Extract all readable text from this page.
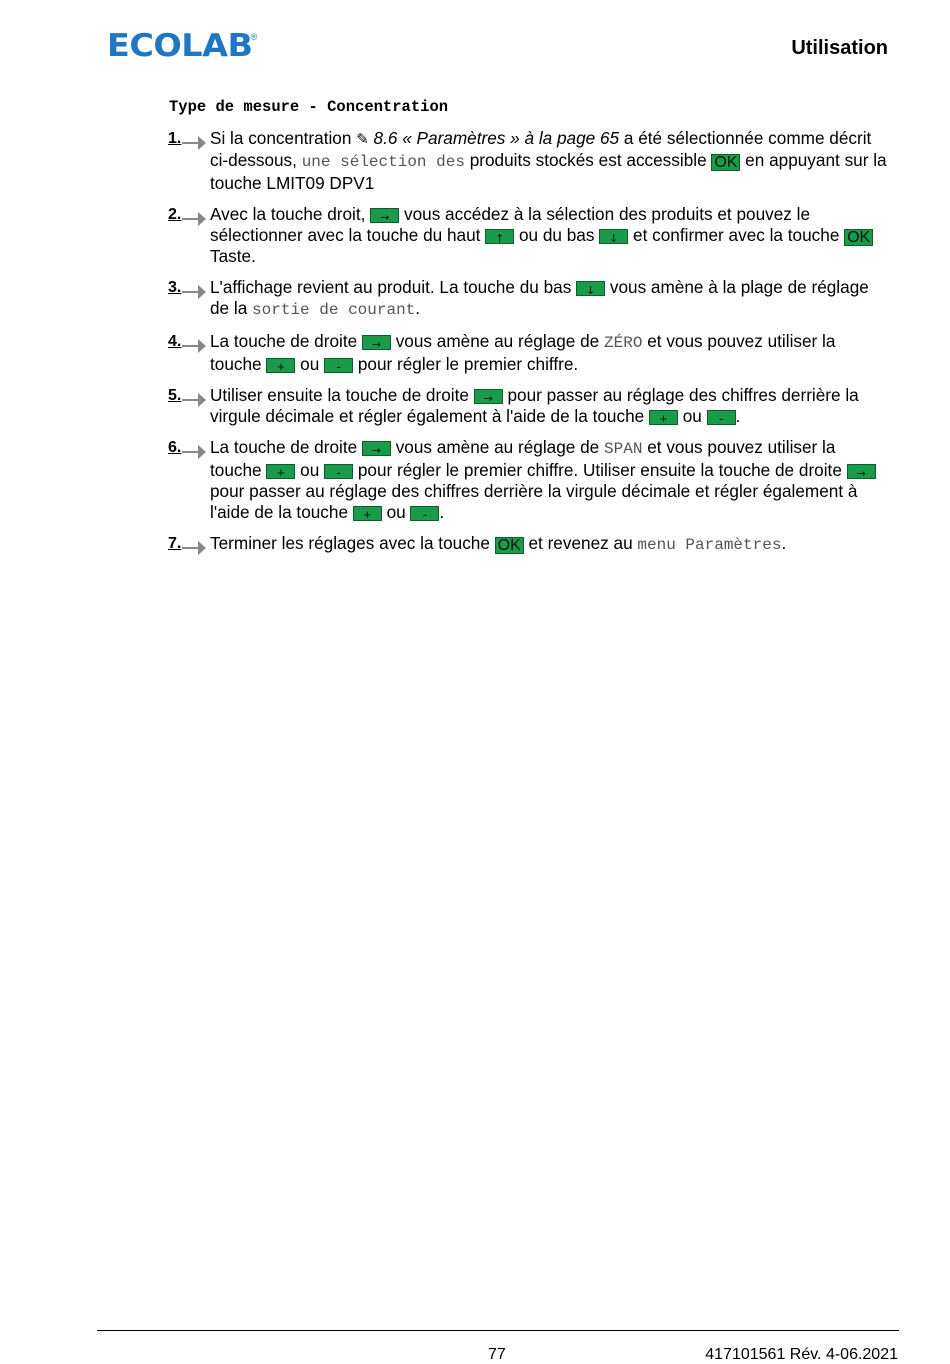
ECOLAB
®	Utilisation
Type de mesure - Concentration
1. Si la concentration ✎ 8.6 « Paramètres » à la page 65 a été sélectionnée comme décrit ci-dessous, une sélection des produits stockés est accessible OK en appuyant sur la touche LMIT09 DPV1
2. Avec la touche droit, → vous accédez à la sélection des produits et pouvez le sélectionner avec la touche du haut ↑ ou du bas ↓ et confirmer avec la touche OK Taste.
3. L'affichage revient au produit. La touche du bas ↓ vous amène à la plage de réglage de la sortie de courant.
4. La touche de droite → vous amène au réglage de ZÉRO et vous pouvez utiliser la touche + ou - pour régler le premier chiffre.
5. Utiliser ensuite la touche de droite → pour passer au réglage des chiffres derrière la virgule décimale et régler également à l'aide de la touche + ou - .
6. La touche de droite → vous amène au réglage de SPAN et vous pouvez utiliser la touche + ou - pour régler le premier chiffre. Utiliser ensuite la touche de droite → pour passer au réglage des chiffres derrière la virgule décimale et régler également à l'aide de la touche + ou - .
7. Terminer les réglages avec la touche OK et revenez au menu Paramètres.
77	417101561 Rév. 4-06.2021
